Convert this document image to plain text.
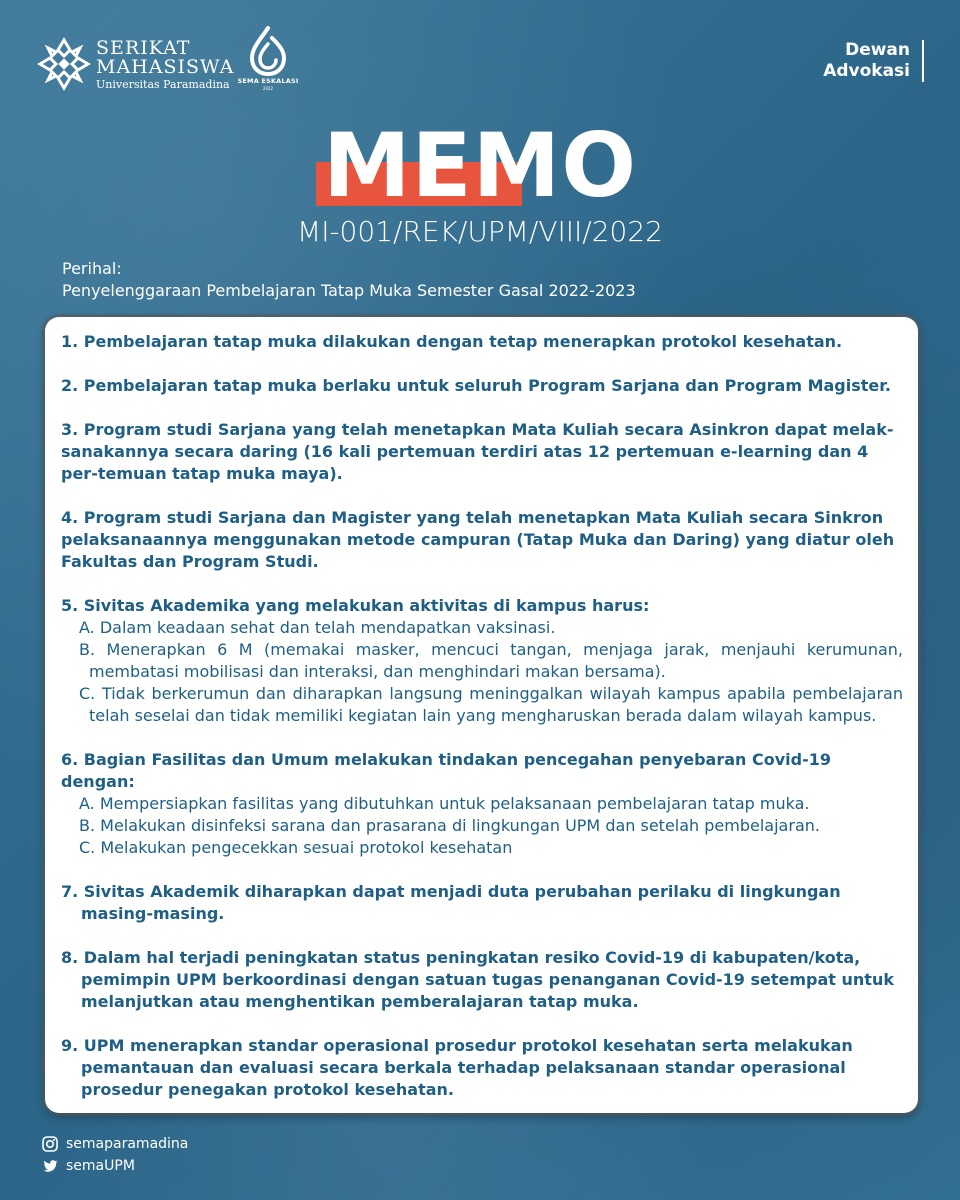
SERIKAT
MAHASISWA
Universitas Paramadina	SEMA ESKALASI
2022
Dewan
Advokasi
MEMO
MI-001/REK/UPM/VIII/2022
Perihal:
Penyelenggaraan Pembelajaran Tatap Muka Semester Gasal 2022-2023

1. Pembelajaran tatap muka dilakukan dengan tetap menerapkan protokol kesehatan.

2. Pembelajaran tatap muka berlaku untuk seluruh Program Sarjana dan Program Magister.

3. Program studi Sarjana yang telah menetapkan Mata Kuliah secara Asinkron dapat melak-sanakannya secara daring (16 kali pertemuan terdiri atas 12 pertemuan e-learning dan 4 per-temuan tatap muka maya).

4. Program studi Sarjana dan Magister yang telah menetapkan Mata Kuliah secara Sinkron pelaksanaannya menggunakan metode campuran (Tatap Muka dan Daring) yang diatur oleh Fakultas dan Program Studi.

5. Sivitas Akademika yang melakukan aktivitas di kampus harus:

A. Dalam keadaan sehat dan telah mendapatkan vaksinasi.

B. Menerapkan 6 M (memakai masker, mencuci tangan, menjaga jarak, menjauhi kerumunan, membatasi mobilisasi dan interaksi, dan menghindari makan bersama).

C. Tidak berkerumun dan diharapkan langsung meninggalkan wilayah kampus apabila pembelajaran telah seselai dan tidak memiliki kegiatan lain yang mengharuskan berada dalam wilayah kampus.

6. Bagian Fasilitas dan Umum melakukan tindakan pencegahan penyebaran Covid-19 dengan:

A. Mempersiapkan fasilitas yang dibutuhkan untuk pelaksanaan pembelajaran tatap muka.

B. Melakukan disinfeksi sarana dan prasarana di lingkungan UPM dan setelah pembelajaran.

C. Melakukan pengecekkan sesuai protokol kesehatan

7. Sivitas Akademik diharapkan dapat menjadi duta perubahan perilaku di lingkungan masing-masing.

8. Dalam hal terjadi peningkatan status peningkatan resiko Covid-19 di kabupaten/kota, pemimpin UPM berkoordinasi dengan satuan tugas penanganan Covid-19 setempat untuk melanjutkan atau menghentikan pemberalajaran tatap muka.

9. UPM menerapkan standar operasional prosedur protokol kesehatan serta melakukan pemantauan dan evaluasi secara berkala terhadap pelaksanaan standar operasional prosedur penegakan protokol kesehatan.

semaparamadina
semaUPM
